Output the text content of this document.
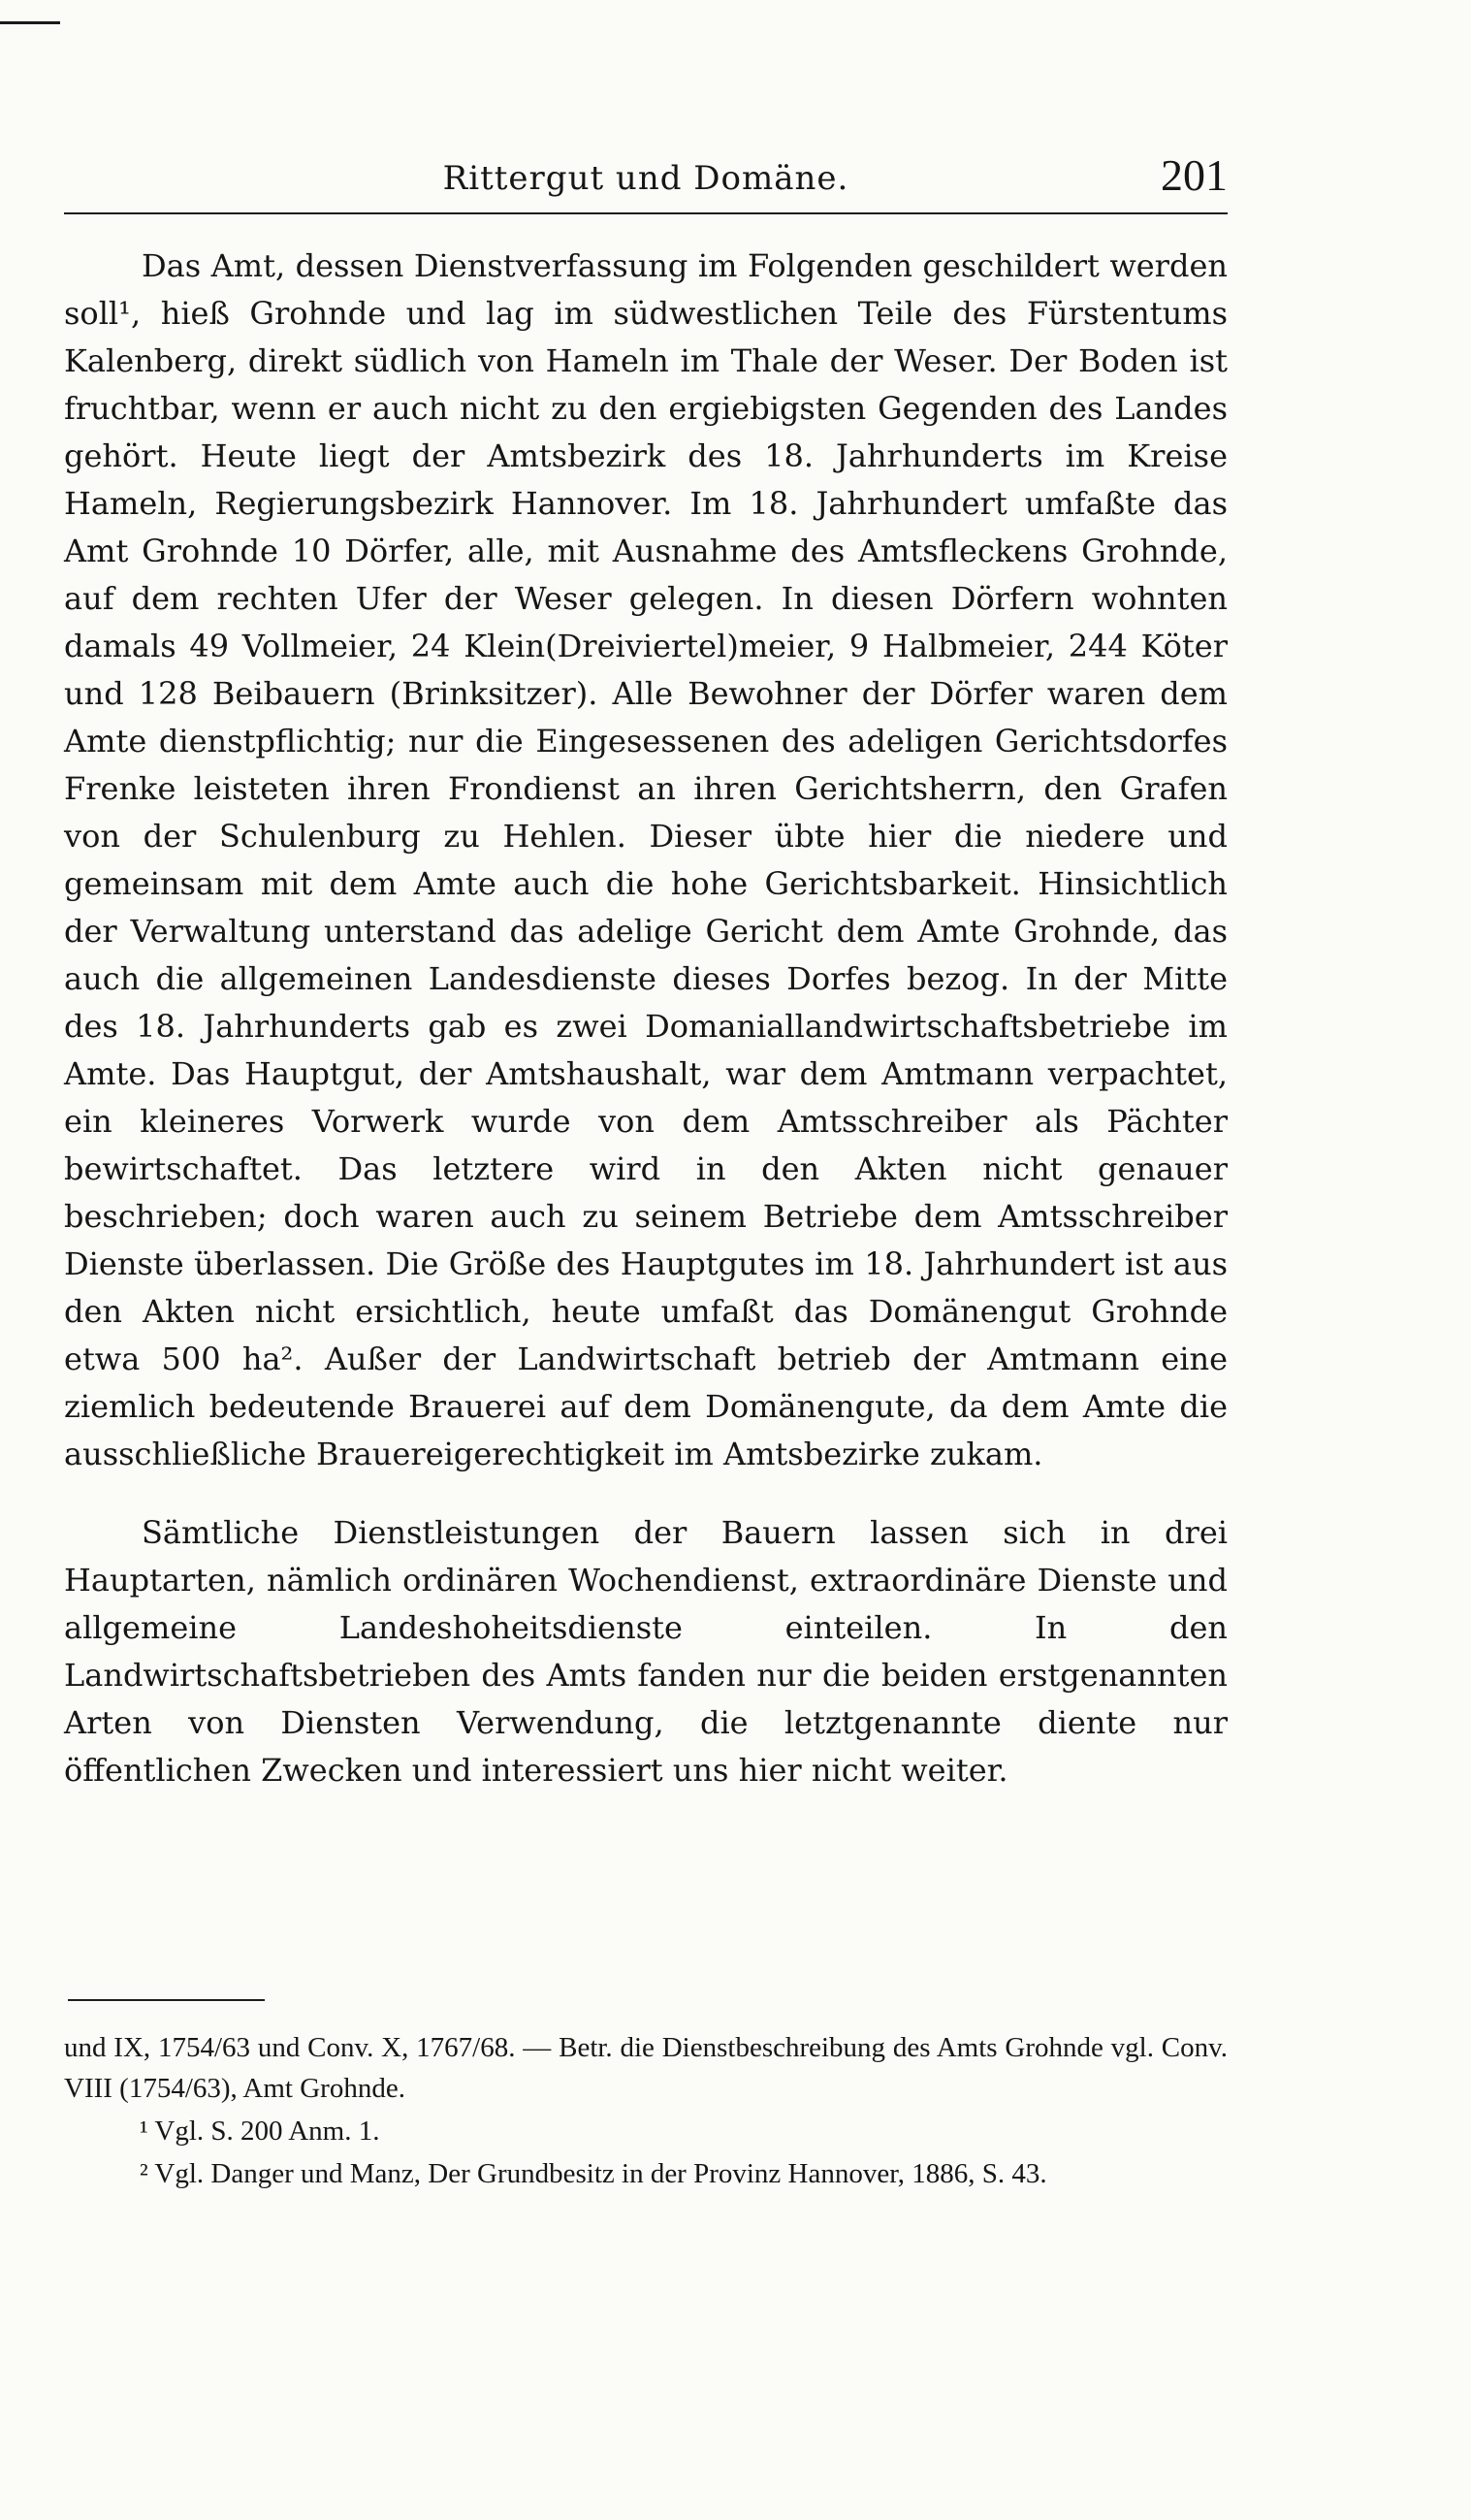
Rittergut und Domäne.	201

Das Amt, dessen Dienstverfassung im Folgenden geschildert werden soll¹, hieß Grohnde und lag im südwestlichen Teile des Fürstentums Kalenberg, direkt südlich von Hameln im Thale der Weser. Der Boden ist fruchtbar, wenn er auch nicht zu den ergiebigsten Gegenden des Landes gehört. Heute liegt der Amtsbezirk des 18. Jahrhunderts im Kreise Hameln, Regierungsbezirk Hannover. Im 18. Jahrhundert umfaßte das Amt Grohnde 10 Dörfer, alle, mit Ausnahme des Amtsfleckens Grohnde, auf dem rechten Ufer der Weser gelegen. In diesen Dörfern wohnten damals 49 Vollmeier, 24 Klein(Dreiviertel)meier, 9 Halbmeier, 244 Köter und 128 Beibauern (Brinksitzer). Alle Bewohner der Dörfer waren dem Amte dienstpflichtig; nur die Eingesessenen des adeligen Gerichtsdorfes Frenke leisteten ihren Frondienst an ihren Gerichtsherrn, den Grafen von der Schulenburg zu Hehlen. Dieser übte hier die niedere und gemeinsam mit dem Amte auch die hohe Gerichtsbarkeit. Hinsichtlich der Verwaltung unterstand das adelige Gericht dem Amte Grohnde, das auch die allgemeinen Landesdienste dieses Dorfes bezog. In der Mitte des 18. Jahrhunderts gab es zwei Domaniallandwirtschaftsbetriebe im Amte. Das Hauptgut, der Amtshaushalt, war dem Amtmann verpachtet, ein kleineres Vorwerk wurde von dem Amtsschreiber als Pächter bewirtschaftet. Das letztere wird in den Akten nicht genauer beschrieben; doch waren auch zu seinem Betriebe dem Amtsschreiber Dienste überlassen. Die Größe des Hauptgutes im 18. Jahrhundert ist aus den Akten nicht ersichtlich, heute umfaßt das Domänengut Grohnde etwa 500 ha². Außer der Landwirtschaft betrieb der Amtmann eine ziemlich bedeutende Brauerei auf dem Domänengute, da dem Amte die ausschließliche Brauereigerechtigkeit im Amtsbezirke zukam.

Sämtliche Dienstleistungen der Bauern lassen sich in drei Hauptarten, nämlich ordinären Wochendienst, extraordinäre Dienste und allgemeine Landeshoheitsdienste einteilen. In den Landwirtschaftsbetrieben des Amts fanden nur die beiden erstgenannten Arten von Diensten Verwendung, die letztgenannte diente nur öffentlichen Zwecken und interessiert uns hier nicht weiter.

und IX, 1754/63 und Conv. X, 1767/68. — Betr. die Dienstbeschreibung des Amts Grohnde vgl. Conv. VIII (1754/63), Amt Grohnde.

¹ Vgl. S. 200 Anm. 1.

² Vgl. Danger und Manz, Der Grundbesitz in der Provinz Hannover, 1886, S. 43.
